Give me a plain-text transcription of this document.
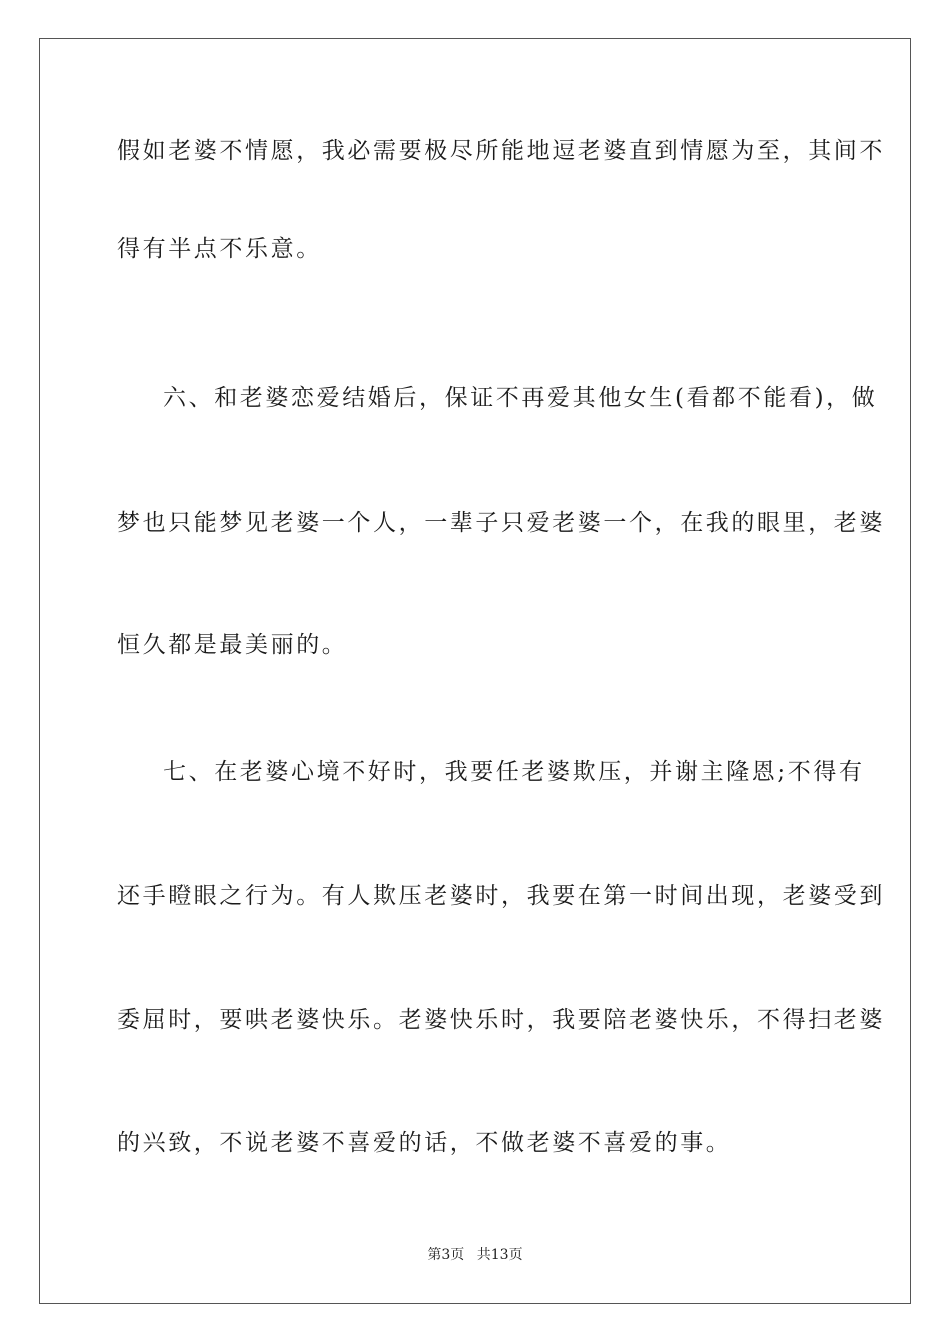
假如老婆不情愿，我必需要极尽所能地逗老婆直到情愿为至，其间不
得有半点不乐意。
六、和老婆恋爱结婚后，保证不再爱其他女生(看都不能看)，做
梦也只能梦见老婆一个人，一辈子只爱老婆一个，在我的眼里，老婆
恒久都是最美丽的。
七、在老婆心境不好时，我要任老婆欺压，并谢主隆恩;不得有
还手瞪眼之行为。有人欺压老婆时，我要在第一时间出现，老婆受到
委屈时，要哄老婆快乐。老婆快乐时，我要陪老婆快乐，不得扫老婆
的兴致，不说老婆不喜爱的话，不做老婆不喜爱的事。
第3页 共13页
